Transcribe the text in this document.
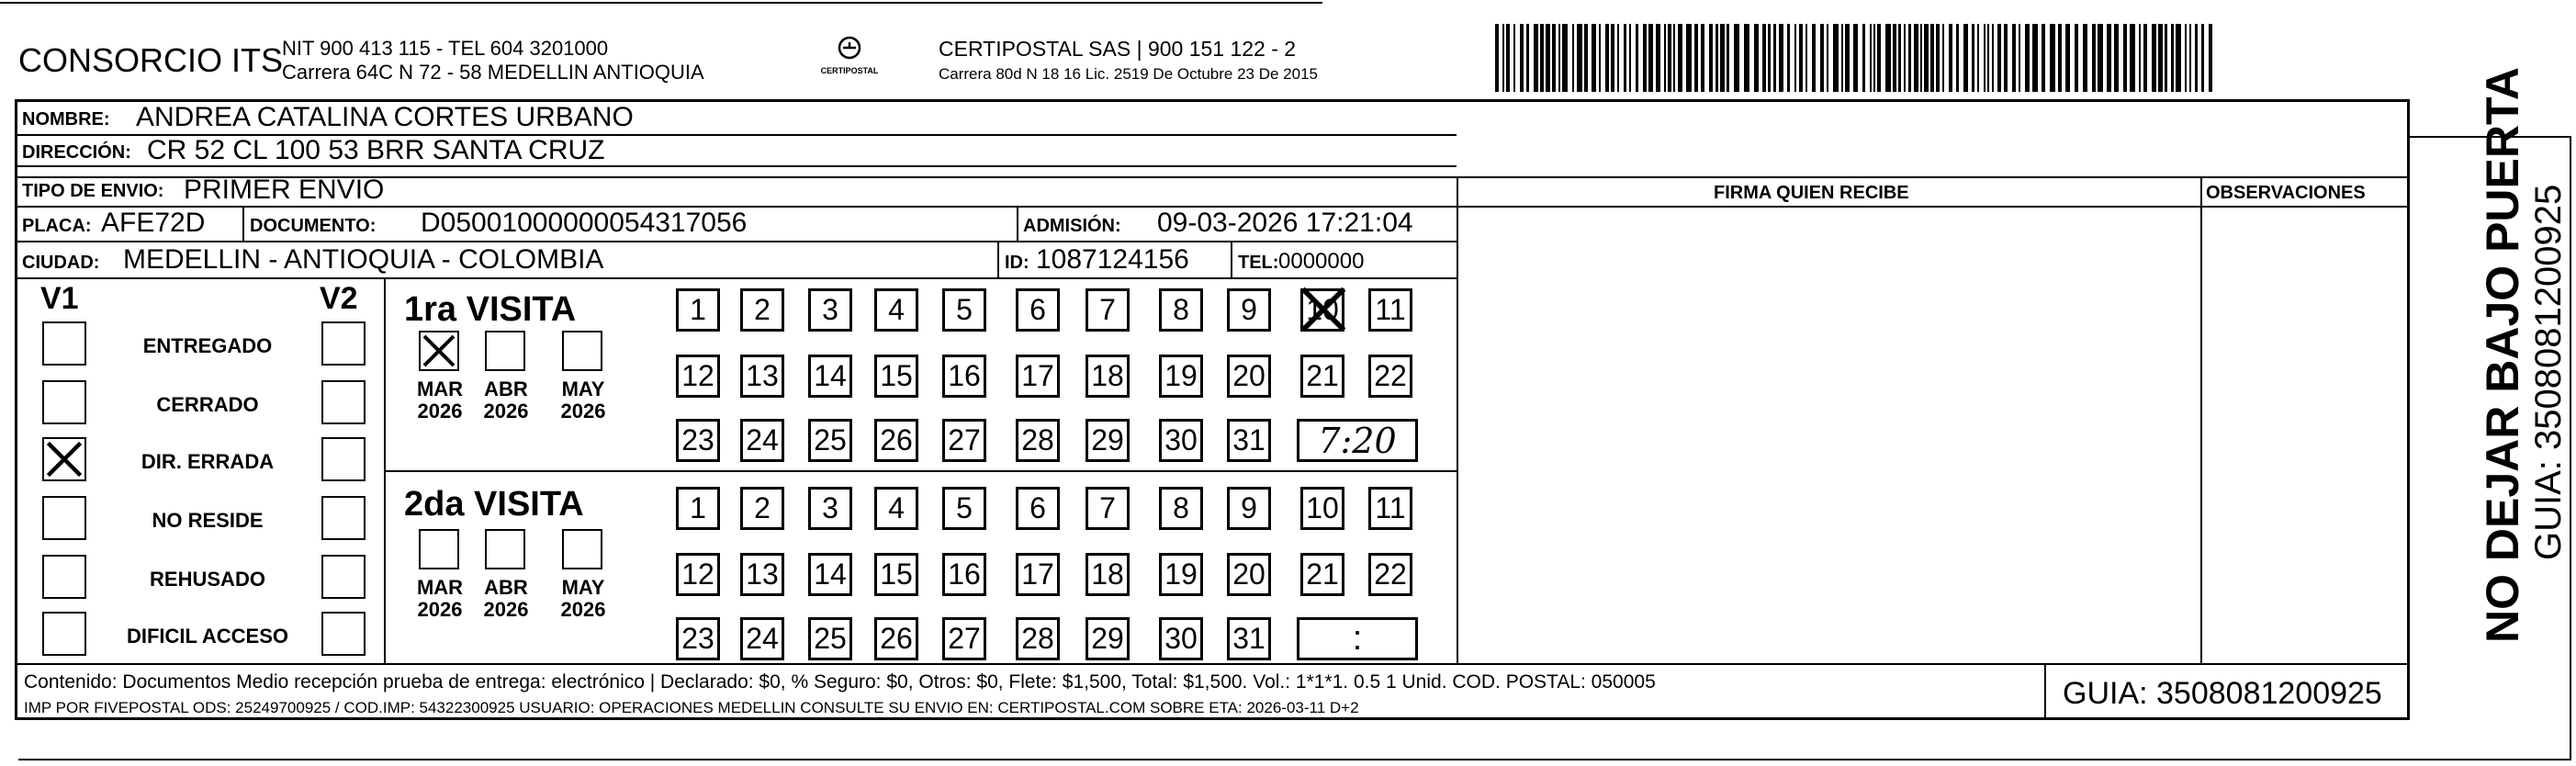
CONSORCIO ITS
NIT 900 413 115 - TEL 604 3201000
Carrera 64C N 72 - 58 MEDELLIN ANTIOQUIA	CERTIPOSTAL
CERTIPOSTAL SAS | 900 151 122 - 2
Carrera 80d N 18 16 Lic. 2519 De Octubre 23 De 2015
NOMBRE: ANDREA CATALINA CORTES URBANO
DIRECCIÓN: CR 52 CL 100 53 BRR SANTA CRUZ
TIPO DE ENVIO: PRIMER ENVIO	FIRMA QUIEN RECIBE	OBSERVACIONES
PLACA: AFE72D DOCUMENTO: D05001000000054317056	ADMISIÓN: 09-03-2026 17:21:04
CIUDAD: MEDELLIN - ANTIOQUIA - COLOMBIA	ID: 1087124156	TEL: 0000000
V1	V2
ENTREGADO
CERRADO
DIR. ERRADA
NO RESIDE
REHUSADO
DIFICIL ACCESO
1ra VISITA
2da VISITA
MAR
2026
ABR
2026
MAY
2026
1	2	3	4	5	6	7	8	9	10 11
12 13 14 15 16 17 18 19 20 21 22
23 24 25 26 27 28 29 30 31	7:20
MAR
2026
ABR
2026
MAY
2026
1	2	3	4	5	6	7	8	9	10 11
12 13 14 15 16 17 18 19 20 21 22
23 24 25 26 27 28 29 30 31	:
Contenido: Documentos Medio recepción prueba de entrega: electrónico | Declarado: $0, % Seguro: $0, Otros: $0, Flete: $1,500, Total: $1,500. Vol.: 1*1*1. 0.5 1 Unid. COD. POSTAL: 050005
IMP POR FIVEPOSTAL ODS: 25249700925 / COD.IMP: 54322300925 USUARIO: OPERACIONES MEDELLIN CONSULTE SU ENVIO EN: CERTIPOSTAL.COM SOBRE ETA: 2026-03-11 D+2	GUIA: 3508081200925
NO DEJAR BAJO PUERTA GUIA: 3508081200925
